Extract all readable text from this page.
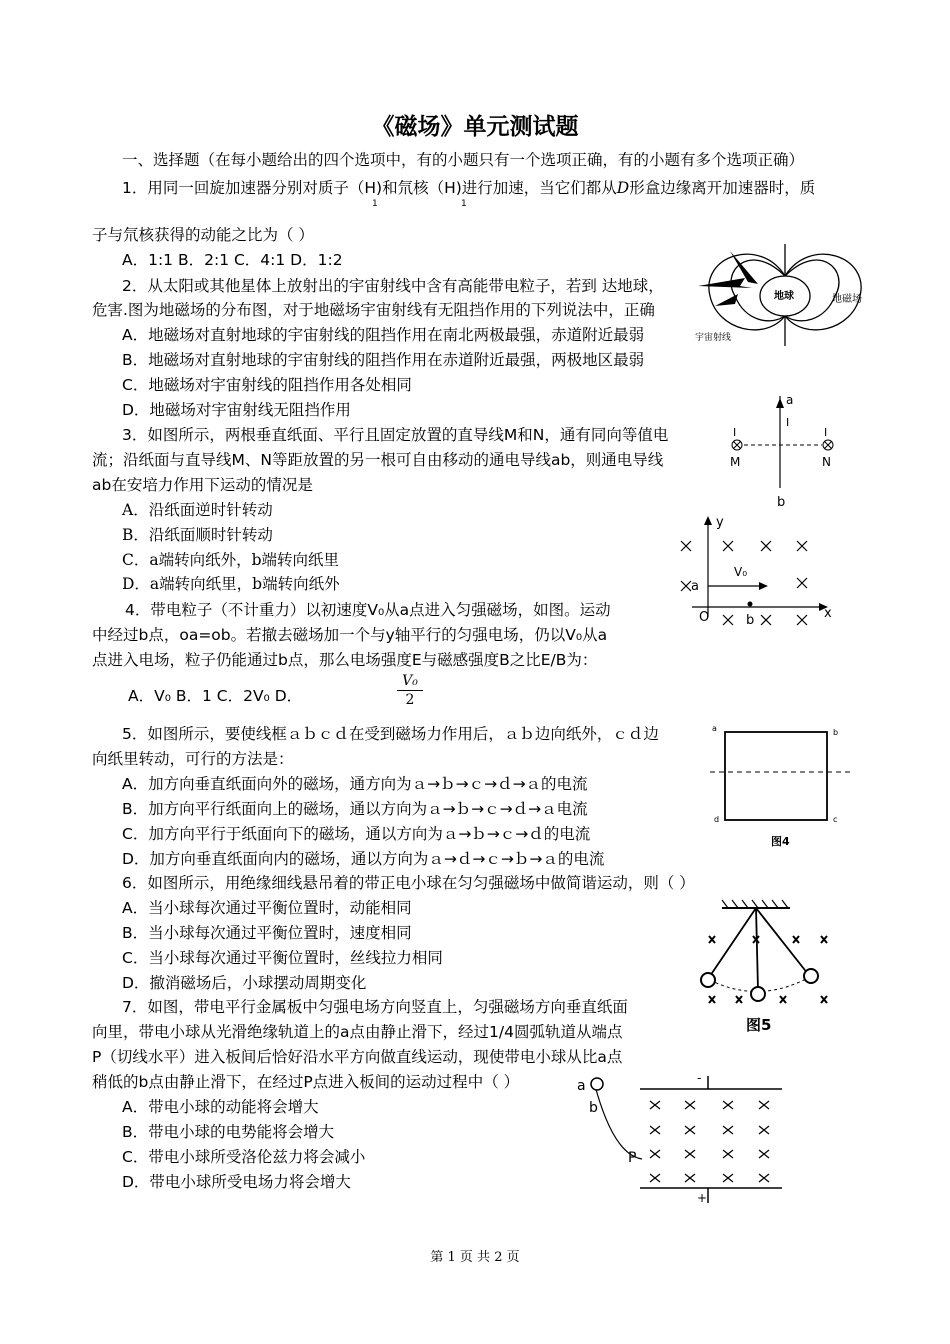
《磁场》单元测试题
一、选择题（在每小题给出的四个选项中，有的小题只有一个选项正确，有的小题有多个选项正确）
1．用同一回旋加速器分别对质子（H)和氘核（H)进行加速，当它们都从D形盒边缘离开加速器时，质
1	1
子与氘核获得的动能之比为（ ）
A．1:1 B．2:1 C．4:1 D．1:2
2．从太阳或其他星体上放射出的宇宙射线中含有高能带电粒子，若到 达地球，
危害.图为地磁场的分布图，对于地磁场宇宙射线有无阻挡作用的下列说法中，正确
A．地磁场对直射地球的宇宙射线的阻挡作用在南北两极最强，赤道附近最弱
B．地磁场对直射地球的宇宙射线的阻挡作用在赤道附近最强，两极地区最弱
C．地磁场对宇宙射线的阻挡作用各处相同
D．地磁场对宇宙射线无阻挡作用
地球	地磁场
宇宙射线
3．如图所示，两根垂直纸面、平行且固定放置的直导线M和N，通有同向等值电
流；沿纸面与直导线M、N等距放置的另一根可自由移动的通电导线ab，则通电导线
ab在安培力作用下运动的情况是
A．沿纸面逆时针转动
B．沿纸面顺时针转动
C．a端转向纸外，b端转向纸里
D．a端转向纸里，b端转向纸外
a
I
I	I
M	N
b
4．带电粒子（不计重力）以初速度V₀从a点进入匀强磁场，如图。运动
中经过b点，oa=ob。若撤去磁场加一个与y轴平行的匀强电场，仍以V₀从a
点进入电场，粒子仍能通过b点，那么电场强度E与磁感强度B之比E/B为：
A．V₀ B．1 C．2V₀ D．	$\frac{\text{V₀}}{2}$
y
x
a
O	b
V₀
5．如图所示，要使线框ａｂｃｄ在受到磁场力作用后，ａｂ边向纸外，ｃｄ边
向纸里转动，可行的方法是：
A．加方向垂直纸面向外的磁场，通方向为ａ→ｂ→ｃ→ｄ→ａ的电流
B．加方向平行纸面向上的磁场，通以方向为ａ→ｂ→ｃ→ｄ→ａ电流
C．加方向平行于纸面向下的磁场，通以方向为ａ→ｂ→ｃ→ｄ的电流
D．加方向垂直纸面向内的磁场，通以方向为ａ→ｄ→ｃ→ｂ→ａ的电流
a	b
c
d
图4
6．如图所示，用绝缘细线悬吊着的带正电小球在匀匀强磁场中做简谐运动，则（ ）
A．当小球每次通过平衡位置时，动能相同
B．当小球每次通过平衡位置时，速度相同
C．当小球每次通过平衡位置时，丝线拉力相同
D．撤消磁场后，小球摆动周期变化
图5
7．如图，带电平行金属板中匀强电场方向竖直上，匀强磁场方向垂直纸面
向里，带电小球从光滑绝缘轨道上的a点由静止滑下，经过1/4圆弧轨道从端点
P（切线水平）进入板间后恰好沿水平方向做直线运动，现使带电小球从比a点
稍低的b点由静止滑下，在经过P点进入板间的运动过程中（ ）
A．带电小球的动能将会增大
B．带电小球的电势能将会增大
C．带电小球所受洛伦兹力将会减小
D．带电小球所受电场力将会增大
a
b
P
-
+
第 1 页 共 2 页
